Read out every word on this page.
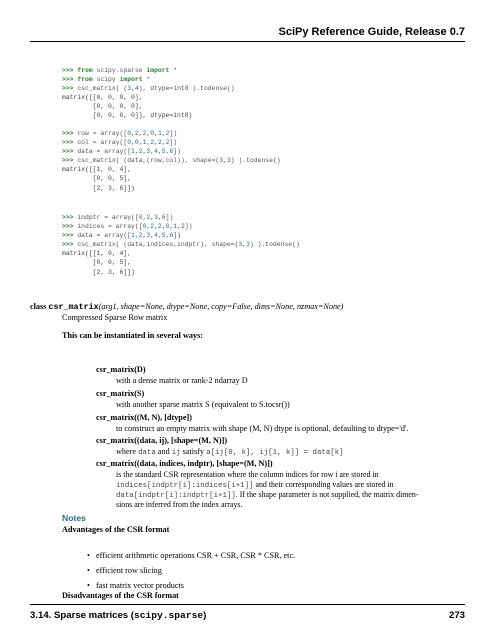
SciPy Reference Guide, Release 0.7
>>> from scipy.sparse import *
>>> from scipy import *
>>> csc_matrix( (3,4), dtype=int8 ).todense()
matrix([[0, 0, 0, 0],
[0, 0, 0, 0],
[0, 0, 0, 0]], dtype=int8)
>>> row = array([0,2,2,0,1,2])
>>> col = array([0,0,1,2,2,2])
>>> data = array([1,2,3,4,5,6])
>>> csc_matrix( (data,(row,col)), shape=(3,3) ).todense()
matrix([[1, 0, 4],
[0, 0, 5],
[2, 3, 6]])
>>> indptr = array([0,2,3,6])
>>> indices = array([0,2,2,0,1,2])
>>> data = array([1,2,3,4,5,6])
>>> csc_matrix( (data,indices,indptr), shape=(3,3) ).todense()
matrix([[1, 0, 4],
[0, 0, 5],
[2, 3, 6]])
class csr_matrix(arg1, shape=None, dtype=None, copy=False, dims=None, nzmax=None)
Compressed Sparse Row matrix
This can be instantiated in several ways:
csr_matrix(D)
with a dense matrix or rank-2 ndarray D
csr_matrix(S)
with another sparse matrix S (equivalent to S.tocsr())
csr_matrix((M, N), [dtype])
to construct an empty matrix with shape (M, N) dtype is optional, defaulting to dtype='d'.
csr_matrix((data, ij), [shape=(M, N)])
where data and ij satisfy a[ij[0, k], ij[1, k]] = data[k]
csr_matrix((data, indices, indptr), [shape=(M, N)])
is the standard CSR representation where the column indices for row i are stored in
indices[indptr[i]:indices[i+1]] and their corresponding values are stored in
data[indptr[i]:indptr[i+1]]. If the shape parameter is not supplied, the matrix dimen-
sions are inferred from the index arrays.
Notes
Advantages of the CSR format
• efficient arithmetic operations CSR + CSR, CSR * CSR, etc.
• efficient row slicing
• fast matrix vector products
Disadvantages of the CSR format
3.14. Sparse matrices (scipy.sparse)	273
